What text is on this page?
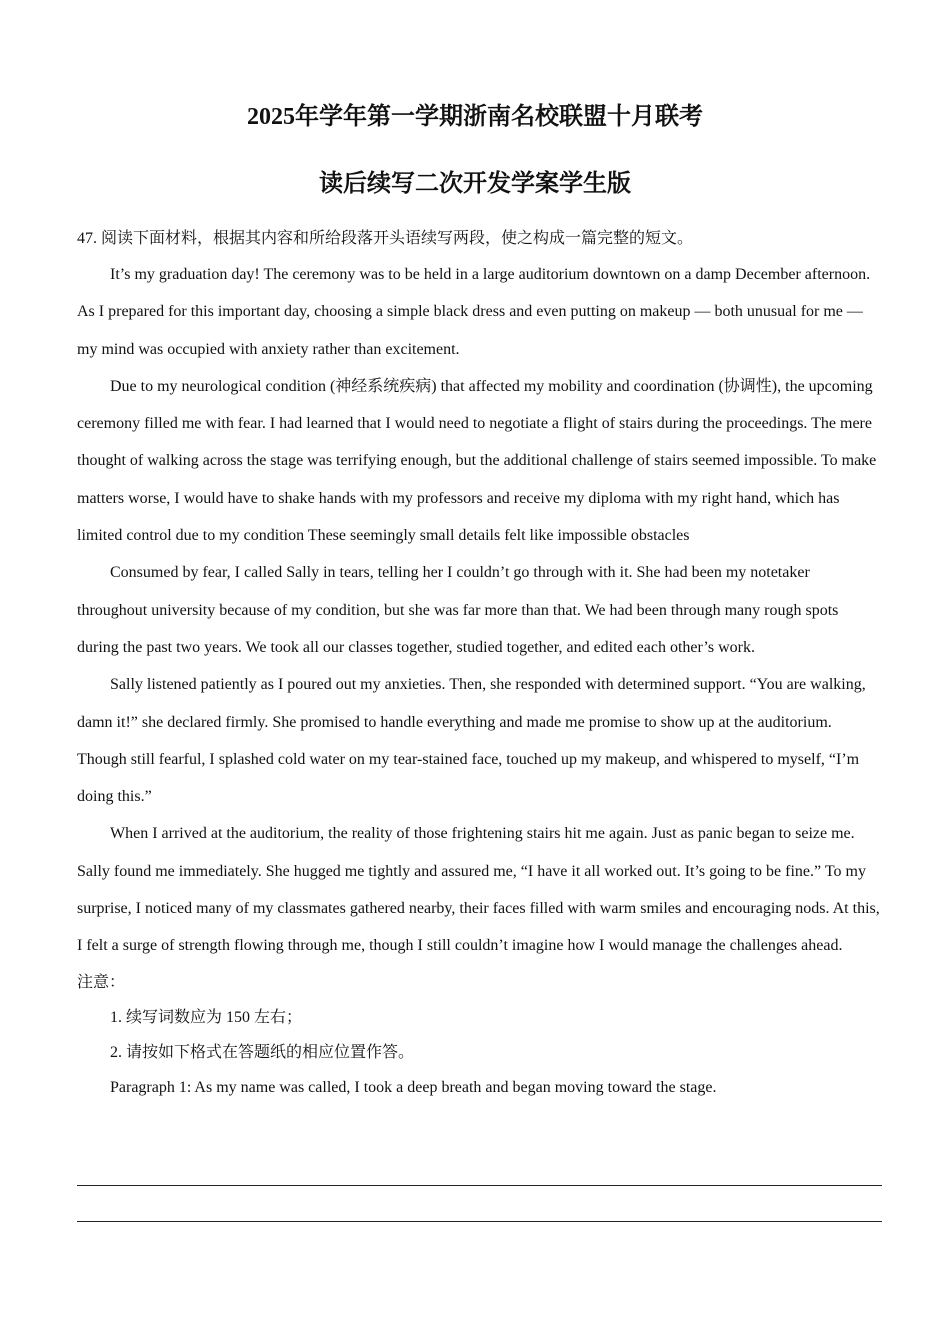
2025年学年第一学期浙南名校联盟十月联考
读后续写二次开发学案学生版

47. 阅读下面材料，根据其内容和所给段落开头语续写两段，使之构成一篇完整的短文。

It’s my graduation day! The ceremony was to be held in a large auditorium downtown on a damp December afternoon. As I prepared for this important day, choosing a simple black dress and even putting on makeup — both unusual for me — my mind was occupied with anxiety rather than excitement.

Due to my neurological condition (神经系统疾病) that affected my mobility and coordination (协调性), the upcoming ceremony filled me with fear. I had learned that I would need to negotiate a flight of stairs during the proceedings. The mere thought of walking across the stage was terrifying enough, but the additional challenge of stairs seemed impossible. To make matters worse, I would have to shake hands with my professors and receive my diploma with my right hand, which has limited control due to my condition These seemingly small details felt like impossible obstacles

Consumed by fear, I called Sally in tears, telling her I couldn’t go through with it. She had been my notetaker throughout university because of my condition, but she was far more than that. We had been through many rough spots during the past two years. We took all our classes together, studied together, and edited each other’s work.

Sally listened patiently as I poured out my anxieties. Then, she responded with determined support. “You are walking, damn it!” she declared firmly. She promised to handle everything and made me promise to show up at the auditorium. Though still fearful, I splashed cold water on my tear-stained face, touched up my makeup, and whispered to myself, “I’m doing this.”

When I arrived at the auditorium, the reality of those frightening stairs hit me again. Just as panic began to seize me. Sally found me immediately. She hugged me tightly and assured me, “I have it all worked out. It’s going to be fine.” To my surprise, I noticed many of my classmates gathered nearby, their faces filled with warm smiles and encouraging nods. At this, I felt a surge of strength flowing through me, though I still couldn’t imagine how I would manage the challenges ahead.

注意：

1. 续写词数应为 150 左右；

2. 请按如下格式在答题纸的相应位置作答。

Paragraph 1: As my name was called, I took a deep breath and began moving toward the stage.
